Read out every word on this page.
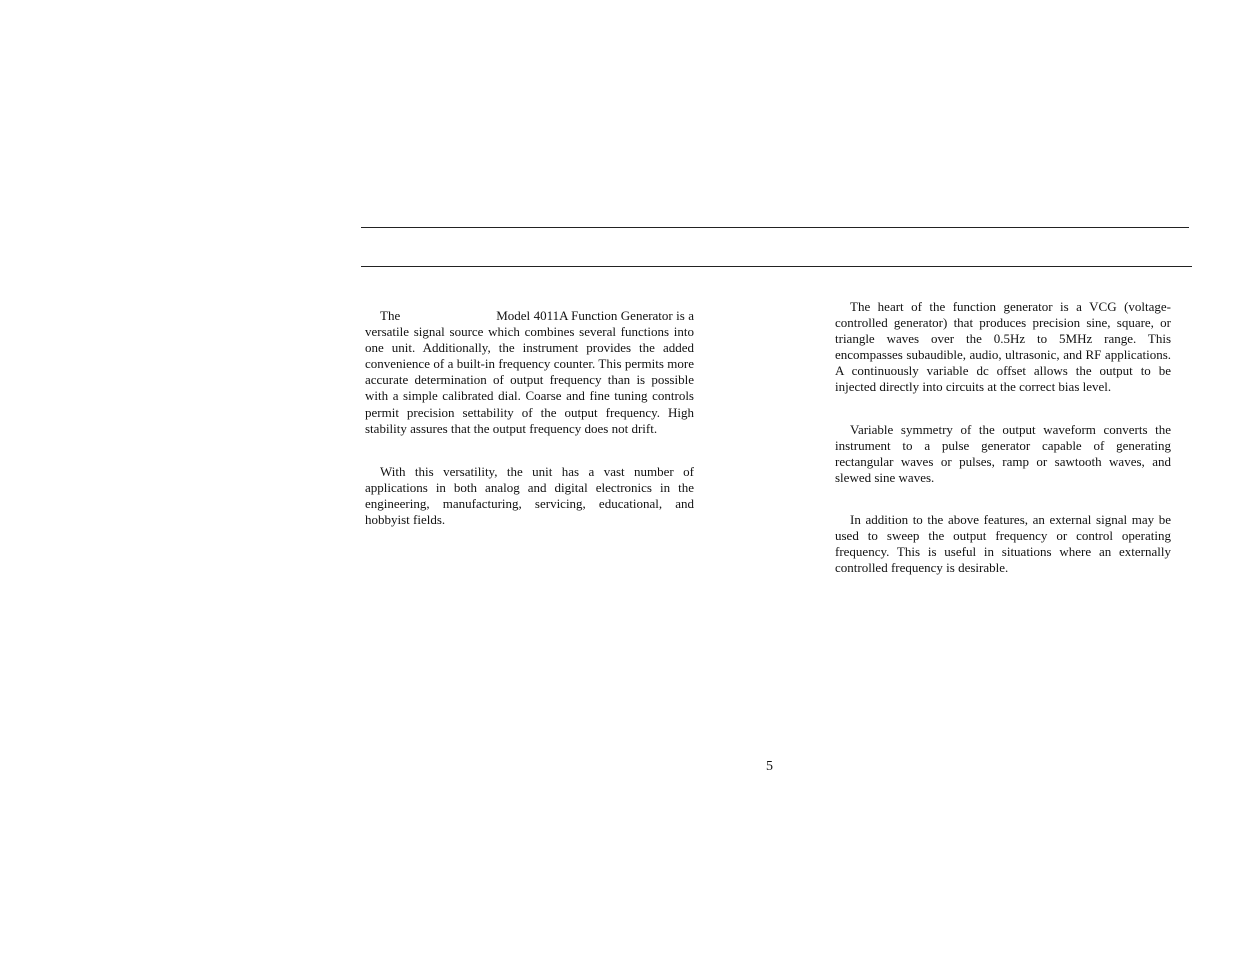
The	Model 4011A Function Generator is a versatile signal source which combines several functions into one unit. Additionally, the instrument provides the added convenience of a built-in frequency counter. This permits more accurate determination of output frequency than is possible with a simple calibrated dial. Coarse and fine tuning controls permit precision settability of the output frequency. High stability assures that the output frequency does not drift.

With this versatility, the unit has a vast number of applications in both analog and digital electronics in the engineering, manufacturing, servicing, educational, and hobbyist fields.

The heart of the function generator is a VCG (voltage-controlled generator) that produces precision sine, square, or triangle waves over the 0.5Hz to 5MHz range. This encompasses subaudible, audio, ultrasonic, and RF applications. A continuously variable dc offset allows the output to be injected directly into circuits at the correct bias level.

Variable symmetry of the output waveform converts the instrument to a pulse generator capable of generating rectangular waves or pulses, ramp or sawtooth waves, and slewed sine waves.

In addition to the above features, an external signal may be used to sweep the output frequency or control operating frequency. This is useful in situations where an externally controlled frequency is desirable.

5
